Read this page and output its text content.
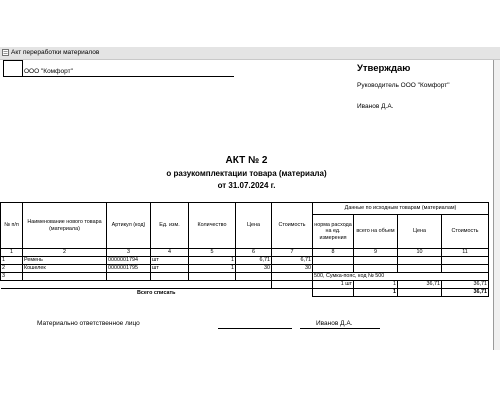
Акт переработки материалов
ООО "Комфорт"	Утверждаю
Руководитель ООО "Комфорт"
Иванов Д.А.
АКТ № 2
о разукомплектации товара (материала)
от 31.07.2024 г.
№ п/п	Наименование нового товара (материала)	Артикул (код)	Ед. изм.	Количество	Цена	Стоимость	Данные по исходным товарам (материалам)			
							норма расхода на ед. измерения	всего на объем	Цена	Стоимость
1	2	3	4	5	6	7	8	9	10	11
1	Ремень	0000001794	шт	1	6,71	6,71				
2	Кошелек	0000001795	шт	1	30	30				
3							500, Сумка-пояс, код № 500			
							1 шт	1	36,71	36,71
Всего списать								1		36,71
Материально ответственное лицо	Иванов Д.А.
